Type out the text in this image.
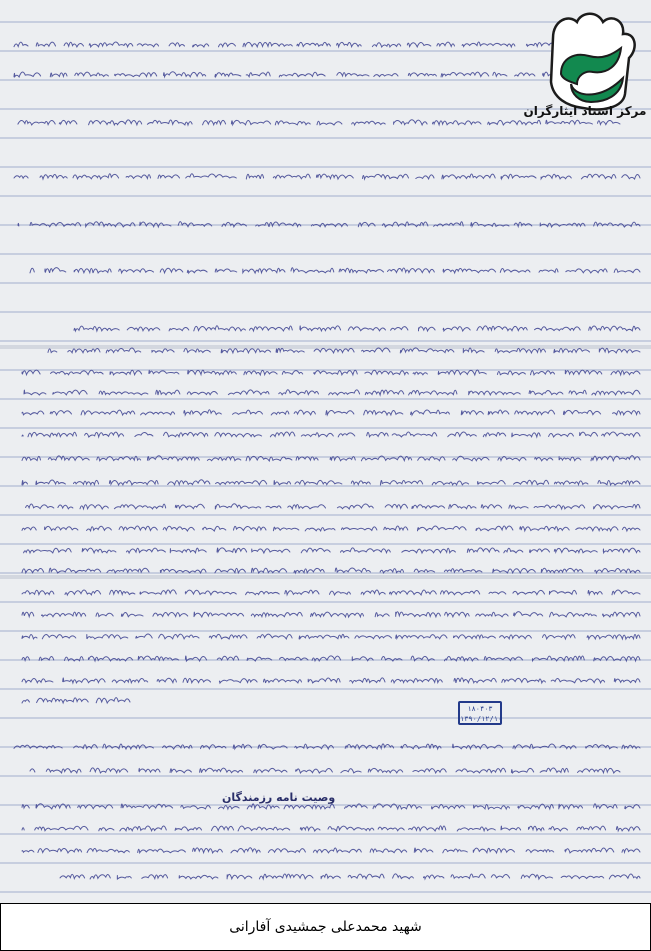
مرکز اسناد ایثارگران
۱۸۰۴۰۳
۱۳۹۰/۱۲/۱۰
وصیت نامه رزمندگان
شهید محمدعلی جمشیدی آفارانی
